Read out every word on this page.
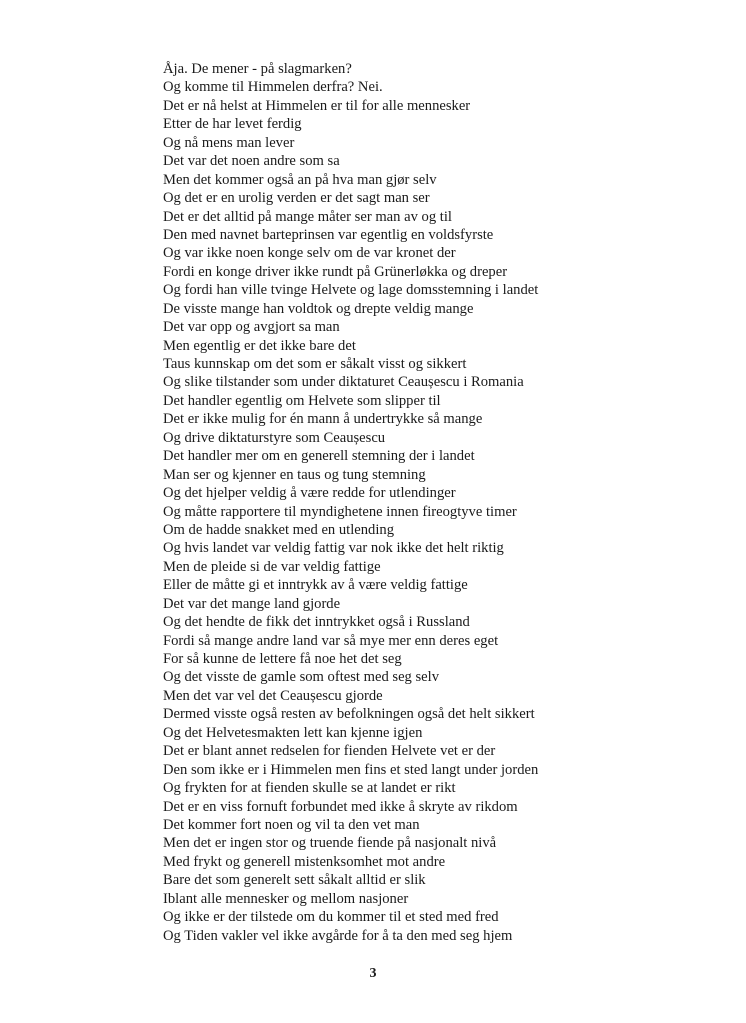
Åja. De mener - på slagmarken?
Og komme til Himmelen derfra? Nei.
Det er nå helst at Himmelen er til for alle mennesker
Etter de har levet ferdig
Og nå mens man lever
Det var det noen andre som sa
Men det kommer også an på hva man gjør selv
Og det er en urolig verden er det sagt man ser
Det er det alltid på mange måter ser man av og til
Den med navnet barteprinsen var egentlig en voldsfyrste
Og var ikke noen konge selv om de var kronet der
Fordi en konge driver ikke rundt på Grünerløkka og dreper
Og fordi han ville tvinge Helvete og lage domsstemning i landet
De visste mange han voldtok og drepte veldig mange
Det var opp og avgjort sa man
Men egentlig er det ikke bare det
Taus kunnskap om det som er såkalt visst og sikkert
Og slike tilstander som under diktaturet Ceaușescu i Romania
Det handler egentlig om Helvete som slipper til
Det er ikke mulig for én mann å undertrykke så mange
Og drive diktaturstyre som Ceaușescu
Det handler mer om en generell stemning der i landet
Man ser og kjenner en taus og tung stemning
Og det hjelper veldig å være redde for utlendinger
Og måtte rapportere til myndighetene innen fireogtyve timer
Om de hadde snakket med en utlending
Og hvis landet var veldig fattig var nok ikke det helt riktig
Men de pleide si de var veldig fattige
Eller de måtte gi et inntrykk av å være veldig fattige
Det var det mange land gjorde
Og det hendte de fikk det inntrykket også i Russland
Fordi så mange andre land var så mye mer enn deres eget
For så kunne de lettere få noe het det seg
Og det visste de gamle som oftest med seg selv
Men det var vel det Ceaușescu gjorde
Dermed visste også resten av befolkningen også det helt sikkert
Og det Helvetesmakten lett kan kjenne igjen
Det er blant annet redselen for fienden Helvete vet er der
Den som ikke er i Himmelen men fins et sted langt under jorden
Og frykten for at fienden skulle se at landet er rikt
Det er en viss fornuft forbundet med ikke å skryte av rikdom
Det kommer fort noen og vil ta den vet man
Men det er ingen stor og truende fiende på nasjonalt nivå
Med frykt og generell mistenksomhet mot andre
Bare det som generelt sett såkalt alltid er slik
Iblant alle mennesker og mellom nasjoner
Og ikke er der tilstede om du kommer til et sted med fred
Og Tiden vakler vel ikke avgårde for å ta den med seg hjem
3
